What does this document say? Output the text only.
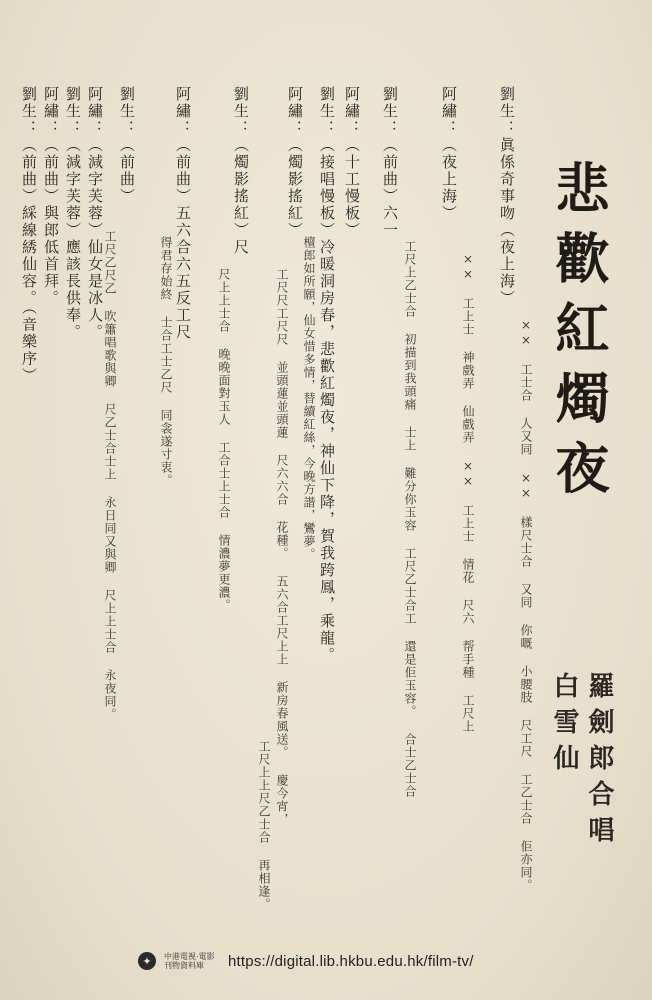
悲歡紅燭夜
白雪仙 羅劍郎合唱
劉生：眞係奇事吻（夜上海）
阿繡：（夜上海）
劉生：（前曲）六一
阿繡：（十工慢板）
劉生：（接唱慢板）冷暖洞房春，悲歡紅燭夜，神仙下降，賀我跨鳳，乘龍。
阿繡：（燭影搖紅）
劉生：（燭影搖紅）尺
阿繡：（前曲）五六合六五反工尺
劉生：（前曲）
阿繡：（減字芙蓉）仙女是冰人。
劉生：（減字芙蓉）應該長供奉。
阿繡：（前曲）與郎低首拜。
劉生：（前曲）綵線綉仙容。（音樂序）
×× 工士合 人又同 ×× 樣尺士合 又同 你嘅 小腰肢 尺工尺 工乙士合 佢亦同。
×× 工上士 神戲弄 仙戲弄 ×× 工上士 情花 尺六 帮手種 工尺上
工尺上乙士合 初描到我頭痛 士上 難分你玉容 工尺乙士合工 還是佢玉容。 合士乙士合
檀郎如所願，仙女惜多情，替續紅絲，今晚方諧，鸞夢。
工尺尺工尺尺 並頭蓮並頭蓮 尺六六合 花種。 五六合工尺上上 新房春風送。 慶今宵，
尺上上士合 晚晚面對玉人 工合士上士合 情濃夢更濃。
得君存始終 士合工士乙尺 同衾遂寸衷。
工尺乙尺乙 吹簫唱歌與卿 尺乙士合士上 永日同又與卿 尺上上士合 永夜同。
工尺上上尺乙士合 再相逢。
✦	中港電視·電影 刊物資料庫	https://digital.lib.hkbu.edu.hk/film-tv/
